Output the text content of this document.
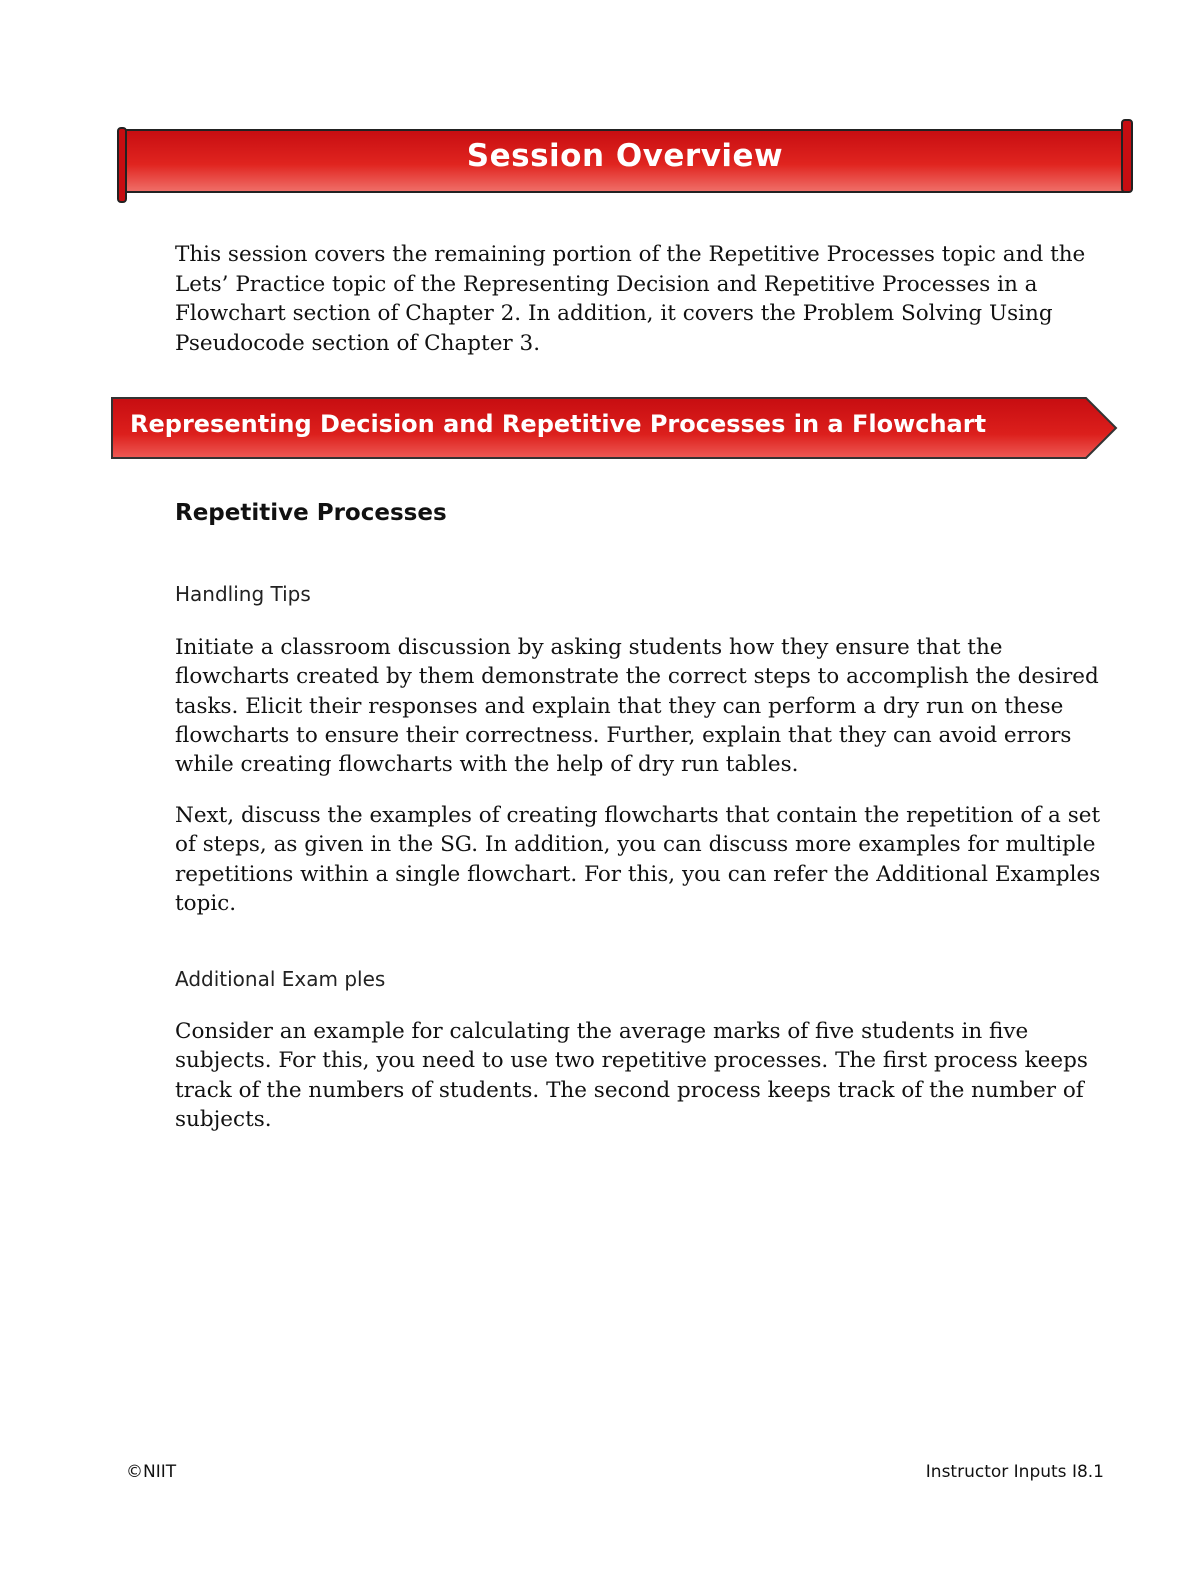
Session Overview

This session covers the remaining portion of the Repetitive Processes topic and the Lets’ Practice topic of the Representing Decision and Repetitive Processes in a Flowchart section of Chapter 2. In addition, it covers the Problem Solving Using Pseudocode section of Chapter 3.

Representing Decision and Repetitive Processes in a Flowchart
Repetitive Processes
Handling Tips

Initiate a classroom discussion by asking students how they ensure that the flowcharts created by them demonstrate the correct steps to accomplish the desired tasks. Elicit their responses and explain that they can perform a dry run on these flowcharts to ensure their correctness. Further, explain that they can avoid errors while creating flowcharts with the help of dry run tables.

Next, discuss the examples of creating flowcharts that contain the repetition of a set of steps, as given in the SG. In addition, you can discuss more examples for multiple repetitions within a single flowchart. For this, you can refer the Additional Examples topic.

Additional Exam ples

Consider an example for calculating the average marks of five students in five subjects. For this, you need to use two repetitive processes. The first process keeps track of the numbers of students. The second process keeps track of the number of subjects.

©NIIT	Instructor Inputs I8.1
